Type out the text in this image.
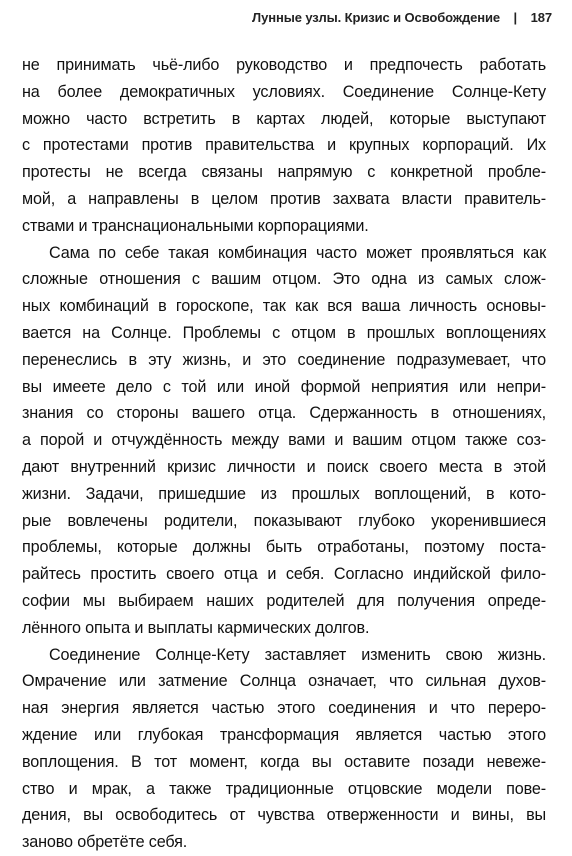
Лунные узлы. Кризис и Освобождение | 187
не принимать чьё-либо руководство и предпочесть работать
на более демократичных условиях. Соединение Солнце-Кету
можно часто встретить в картах людей, которые выступают
с протестами против правительства и крупных корпораций. Их
протесты не всегда связаны напрямую с конкретной пробле-
мой, а направлены в целом против захвата власти правитель-
ствами и транснациональными корпорациями.
Сама по себе такая комбинация часто может проявляться как
сложные отношения с вашим отцом. Это одна из самых слож-
ных комбинаций в гороскопе, так как вся ваша личность основы-
вается на Солнце. Проблемы с отцом в прошлых воплощениях
перенеслись в эту жизнь, и это соединение подразумевает, что
вы имеете дело с той или иной формой неприятия или непри-
знания со стороны вашего отца. Сдержанность в отношениях,
а порой и отчуждённость между вами и вашим отцом также соз-
дают внутренний кризис личности и поиск своего места в этой
жизни. Задачи, пришедшие из прошлых воплощений, в кото-
рые вовлечены родители, показывают глубоко укоренившиеся
проблемы, которые должны быть отработаны, поэтому поста-
райтесь простить своего отца и себя. Согласно индийской фило-
софии мы выбираем наших родителей для получения опреде-
лённого опыта и выплаты кармических долгов.
Соединение Солнце-Кету заставляет изменить свою жизнь.
Омрачение или затмение Солнца означает, что сильная духов-
ная энергия является частью этого соединения и что перерo-
ждение или глубокая трансформация является частью этого
воплощения. В тот момент, когда вы оставите позади невеже-
ство и мрак, а также традиционные отцовские модели пове-
дения, вы освободитесь от чувства отверженности и вины, вы
заново обретёте себя.
